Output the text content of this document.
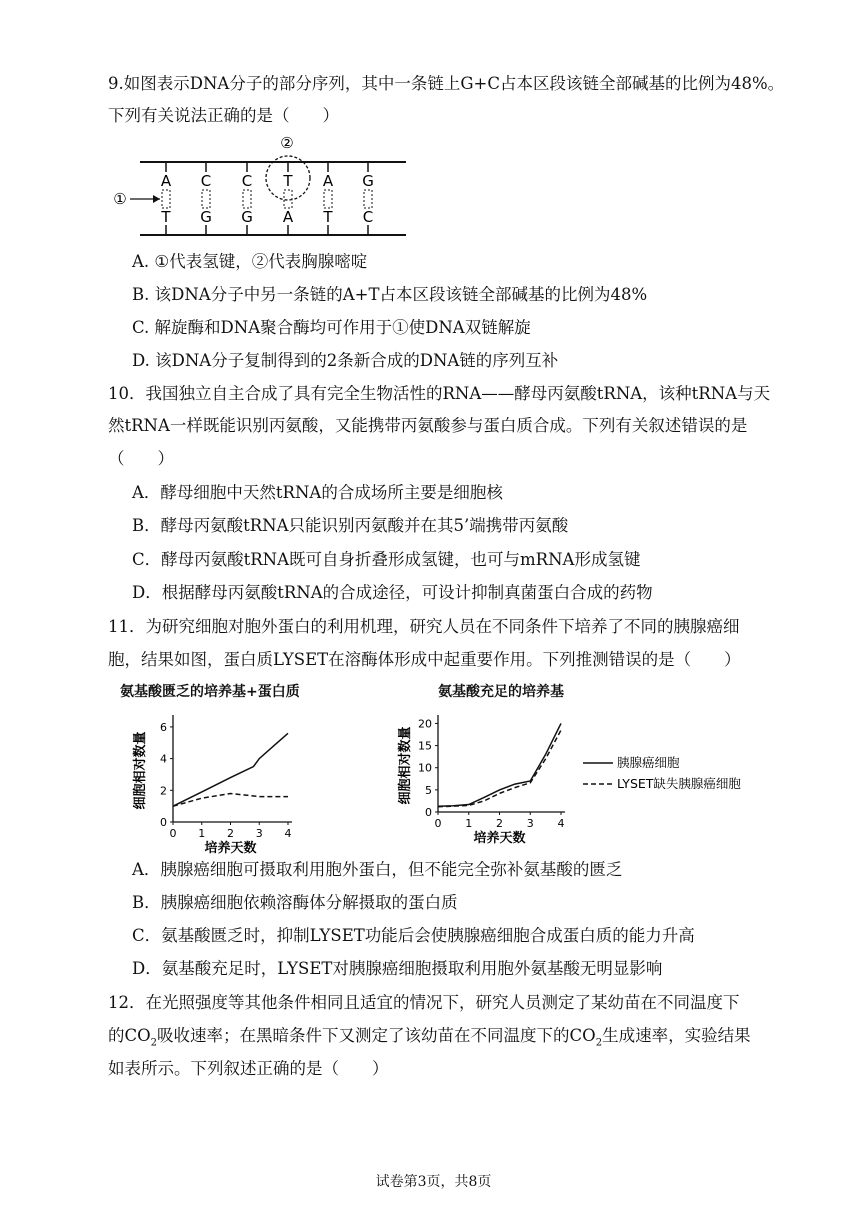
9.如图表示DNA分子的部分序列，其中一条链上G+C占本区段该链全部碱基的比例为48%。
下列有关说法正确的是（　　）
A
T
C
G
C
G
T
A
A
T
G
C
②
①
A. ①代表氢键，②代表胸腺嘧啶
B. 该DNA分子中另一条链的A+T占本区段该链全部碱基的比例为48%
C. 解旋酶和DNA聚合酶均可作用于①使DNA双链解旋
D. 该DNA分子复制得到的2条新合成的DNA链的序列互补
10．我国独立自主合成了具有完全生物活性的RNA——酵母丙氨酸tRNA，该种tRNA与天
然tRNA一样既能识别丙氨酸，又能携带丙氨酸参与蛋白质合成。下列有关叙述错误的是
（　　）
A．酵母细胞中天然tRNA的合成场所主要是细胞核
B．酵母丙氨酸tRNA只能识别丙氨酸并在其5’端携带丙氨酸
C．酵母丙氨酸tRNA既可自身折叠形成氢键，也可与mRNA形成氢键
D．根据酵母丙氨酸tRNA的合成途径，可设计抑制真菌蛋白合成的药物
11．为研究细胞对胞外蛋白的利用机理，研究人员在不同条件下培养了不同的胰腺癌细
胞，结果如图，蛋白质LYSET在溶酶体形成中起重要作用。下列推测错误的是（　　）
氨基酸匮乏的培养基+蛋白质	氨基酸充足的培养基
0 1 2 3 4
0
2
4
6
培养天数
细胞相对数量
0 1 2 3 4
0
5
10
15
20
培养天数
细胞相对数量	胰腺癌细胞
LYSET缺失胰腺癌细胞
A．胰腺癌细胞可摄取利用胞外蛋白，但不能完全弥补氨基酸的匮乏
B．胰腺癌细胞依赖溶酶体分解摄取的蛋白质
C．氨基酸匮乏时，抑制LYSET功能后会使胰腺癌细胞合成蛋白质的能力升高
D．氨基酸充足时，LYSET对胰腺癌细胞摄取利用胞外氨基酸无明显影响
12．在光照强度等其他条件相同且适宜的情况下，研究人员测定了某幼苗在不同温度下
的$CO_2$吸收速率；在黑暗条件下又测定了该幼苗在不同温度下的$CO_2$生成速率，实验结果
如表所示。下列叙述正确的是（　　）
试卷第3页，共8页
